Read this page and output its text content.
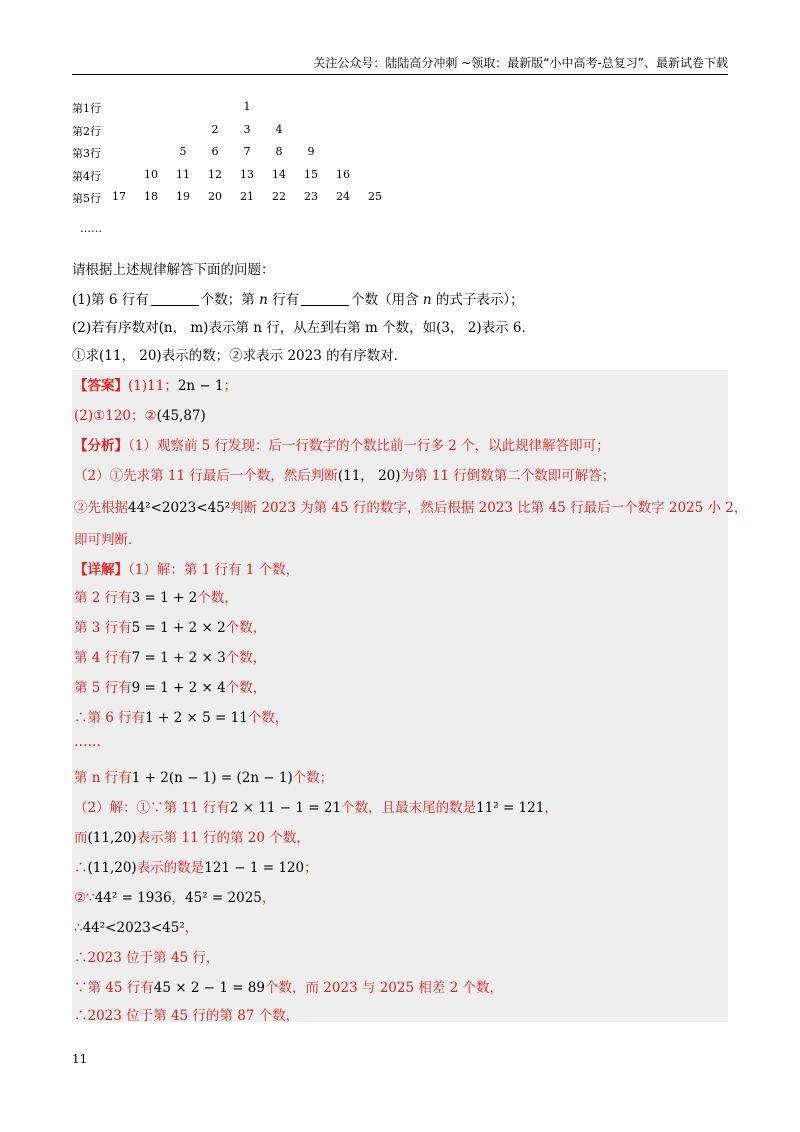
关注公众号：陆陆高分冲刺 ~领取：最新版“小中高考-总复习”、最新试卷下载
第1行	1
第2行	2	3	4
第3行	5	6	7	8	9
第4行	10	11	12	13	14	15	16
第5行	17	18	19	20	21	22	23	24	25
……
请根据上述规律解答下面的问题：
(1)第 6 行有	个数；第 n 行有	个数（用含 n 的式子表示）；
(2)若有序数对(n， m)表示第 n 行，从左到右第 m 个数，如(3， 2)表示 6．
①求(11， 20)表示的数；②求表示 2023 的有序数对．
【答案】(1)11；2n − 1；
(2)①120；②(45,87)
【分析】（1）观察前 5 行发现：后一行数字的个数比前一行多 2 个，以此规律解答即可；
（2）①先求第 11 行最后一个数，然后判断(11， 20)为第 11 行倒数第二个数即可解答；
②先根据44²<2023<45²判断 2023 为第 45 行的数字，然后根据 2023 比第 45 行最后一个数字 2025 小 2，
即可判断．
【详解】（1）解：第 1 行有 1 个数，
第 2 行有3 = 1 + 2个数，
第 3 行有5 = 1 + 2 × 2个数，
第 4 行有7 = 1 + 2 × 3个数，
第 5 行有9 = 1 + 2 × 4个数，
∴第 6 行有1 + 2 × 5 = 11个数，
……
第 n 行有1 + 2(n − 1) = (2n − 1)个数；
（2）解：①∵第 11 行有2 × 11 − 1 = 21个数，且最末尾的数是11² = 121，
而(11,20)表示第 11 行的第 20 个数，
∴(11,20)表示的数是121 − 1 = 120；
②∵44² = 1936，45² = 2025，
∴44²<2023<45²，
∴2023 位于第 45 行，
∵第 45 行有45 × 2 − 1 = 89个数，而 2023 与 2025 相差 2 个数，
∴2023 位于第 45 行的第 87 个数，
11
